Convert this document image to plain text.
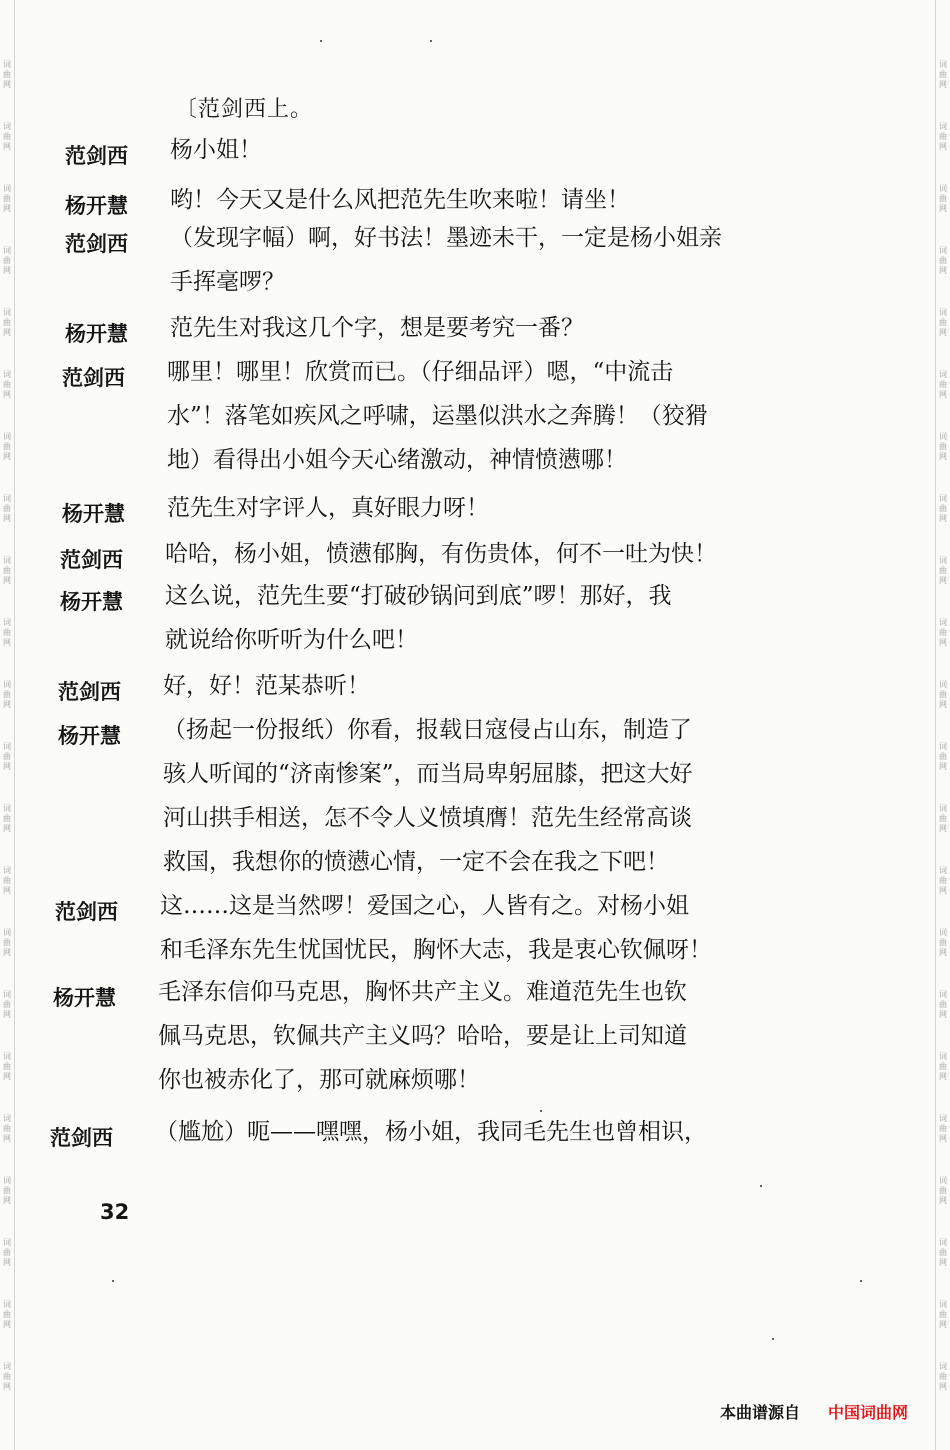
词曲网
词曲网
词曲网
词曲网
词曲网
词曲网
词曲网
词曲网
词曲网
词曲网
词曲网
词曲网
词曲网
词曲网
词曲网
词曲网
词曲网
词曲网
词曲网
词曲网
词曲网
词曲网
词曲网
词曲网
词曲网
词曲网
词曲网
词曲网
词曲网
词曲网
词曲网
词曲网
词曲网
词曲网
词曲网
词曲网
词曲网
词曲网
词曲网
词曲网
词曲网
词曲网
词曲网
词曲网
〔范剑西上。
范剑西 杨小姐！
杨开慧 哟！今天又是什么风把范先生吹来啦！请坐！
范剑西 （发现字幅）啊，好书法！墨迹未干，一定是杨小姐亲
手挥毫啰？
杨开慧 范先生对我这几个字，想是要考究一番？
范剑西 哪里！哪里！欣赏而已。（仔细品评）嗯，“中流击
水”！落笔如疾风之呼啸，运墨似洪水之奔腾！（狡猾
地）看得出小姐今天心绪激动，神情愤懑哪！
杨开慧 范先生对字评人，真好眼力呀！
范剑西 哈哈，杨小姐，愤懑郁胸，有伤贵体，何不一吐为快！
杨开慧 这么说，范先生要“打破砂锅问到底”啰！那好，我
就说给你听听为什么吧！
范剑西 好，好！范某恭听！
杨开慧 （扬起一份报纸）你看，报载日寇侵占山东，制造了
骇人听闻的“济南惨案”，而当局卑躬屈膝，把这大好
河山拱手相送，怎不令人义愤填膺！范先生经常高谈
救国，我想你的愤懑心情，一定不会在我之下吧！
范剑西 这……这是当然啰！爱国之心，人皆有之。对杨小姐
和毛泽东先生忧国忧民，胸怀大志，我是衷心钦佩呀！
杨开慧 毛泽东信仰马克思，胸怀共产主义。难道范先生也钦
佩马克思，钦佩共产主义吗？哈哈，要是让上司知道
你也被赤化了，那可就麻烦哪！
范剑西 （尴尬）呃——嘿嘿，杨小姐，我同毛先生也曾相识，
32
本曲谱源自 中国词曲网
